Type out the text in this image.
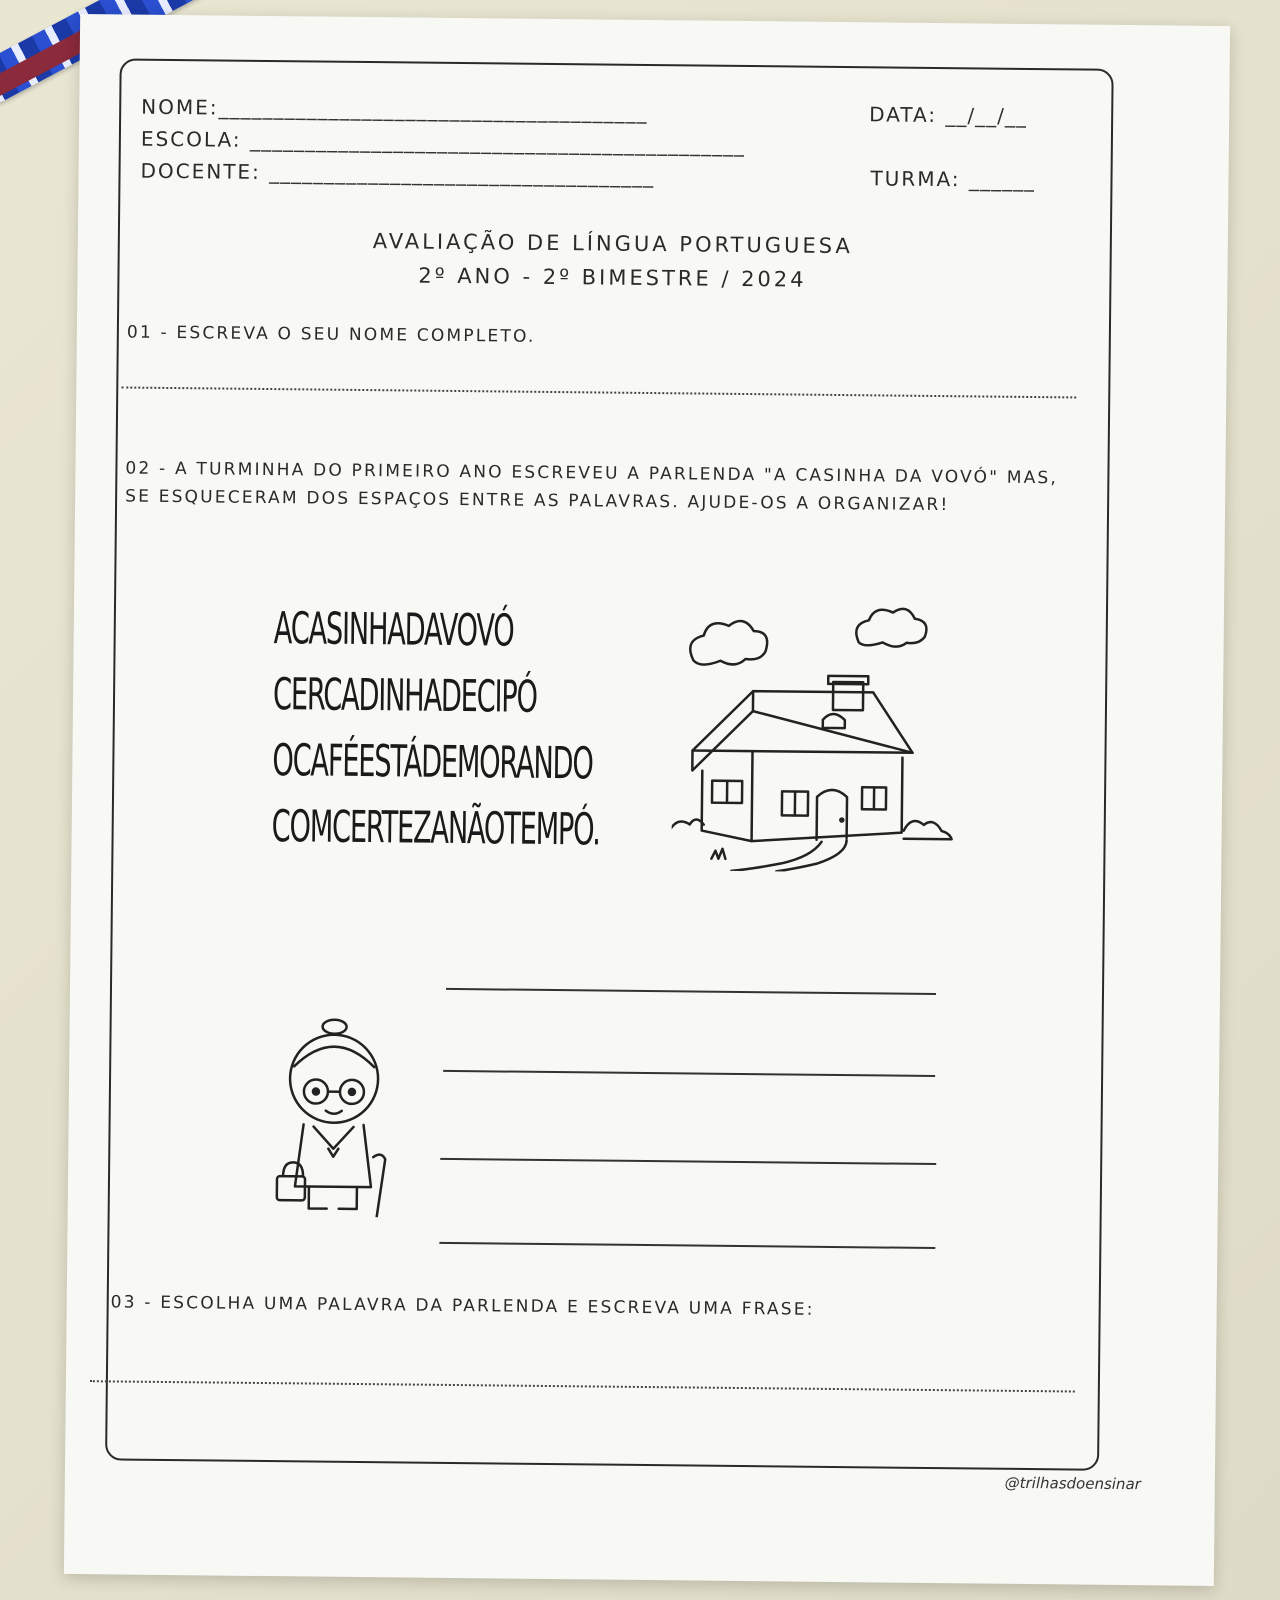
NOME:_______________________________________	DATA: __/__/__
ESCOLA: _____________________________________________
DOCENTE: ___________________________________	TURMA: ______
AVALIAÇÃO DE LÍNGUA PORTUGUESA
2º ANO - 2º BIMESTRE / 2024
01 - ESCREVA O SEU NOME COMPLETO.
02 - A TURMINHA DO PRIMEIRO ANO ESCREVEU A PARLENDA "A CASINHA DA VOVÓ" MAS, SE ESQUECERAM DOS ESPAÇOS ENTRE AS PALAVRAS. AJUDE-OS A ORGANIZAR!
ACASINHADAVOVÓ
CERCADINHADECIPÓ
OCAFÉESTÁDEMORANDO
COMCERTEZANÃOTEMPÓ.
03 - ESCOLHA UMA PALAVRA DA PARLENDA E ESCREVA UMA FRASE:
@trilhasdoensinar
